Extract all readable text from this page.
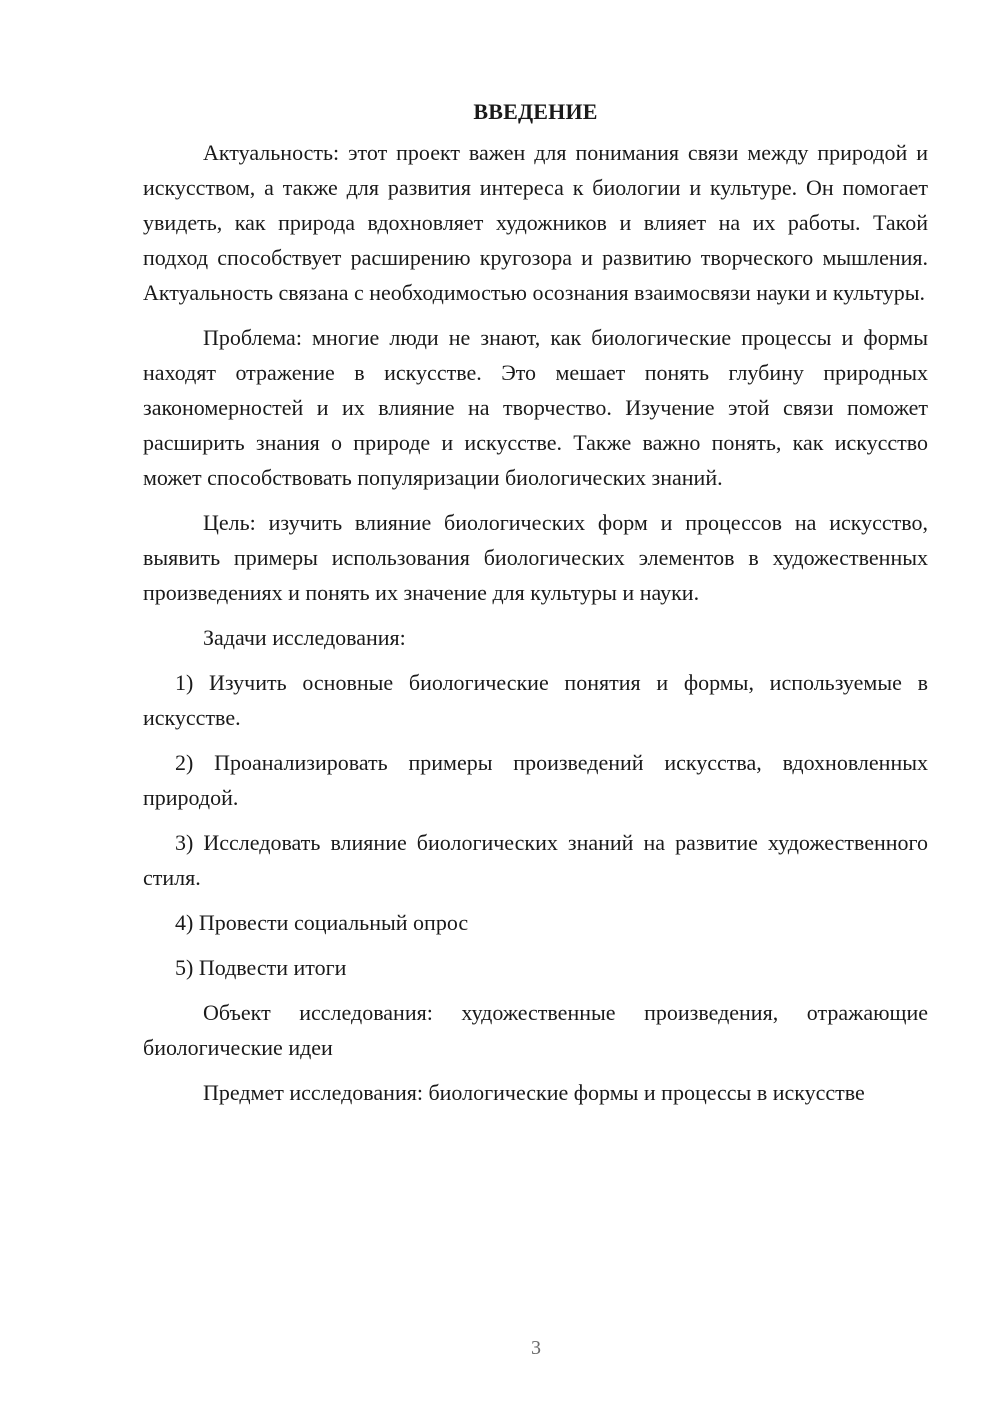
ВВЕДЕНИЕ

Актуальность: этот проект важен для понимания связи между природой и искусством, а также для развития интереса к биологии и культуре. Он помогает увидеть, как природа вдохновляет художников и влияет на их работы. Такой подход способствует расширению кругозора и развитию творческого мышления. Актуальность связана с необходимостью осознания взаимосвязи науки и культуры.

Проблема: многие люди не знают, как биологические процессы и формы находят отражение в искусстве. Это мешает понять глубину природных закономерностей и их влияние на творчество. Изучение этой связи поможет расширить знания о природе и искусстве. Также важно понять, как искусство может способствовать популяризации биологических знаний.

Цель: изучить влияние биологических форм и процессов на искусство, выявить примеры использования биологических элементов в художественных произведениях и понять их значение для культуры и науки.

Задачи исследования:

1) Изучить основные биологические понятия и формы, используемые в искусстве.

2) Проанализировать примеры произведений искусства, вдохновленных природой.

3) Исследовать влияние биологических знаний на развитие художественного стиля.

4) Провести социальный опрос

5) Подвести итоги

Объект исследования: художественные произведения, отражающие биологические идеи

Предмет исследования: биологические формы и процессы в искусстве

3
